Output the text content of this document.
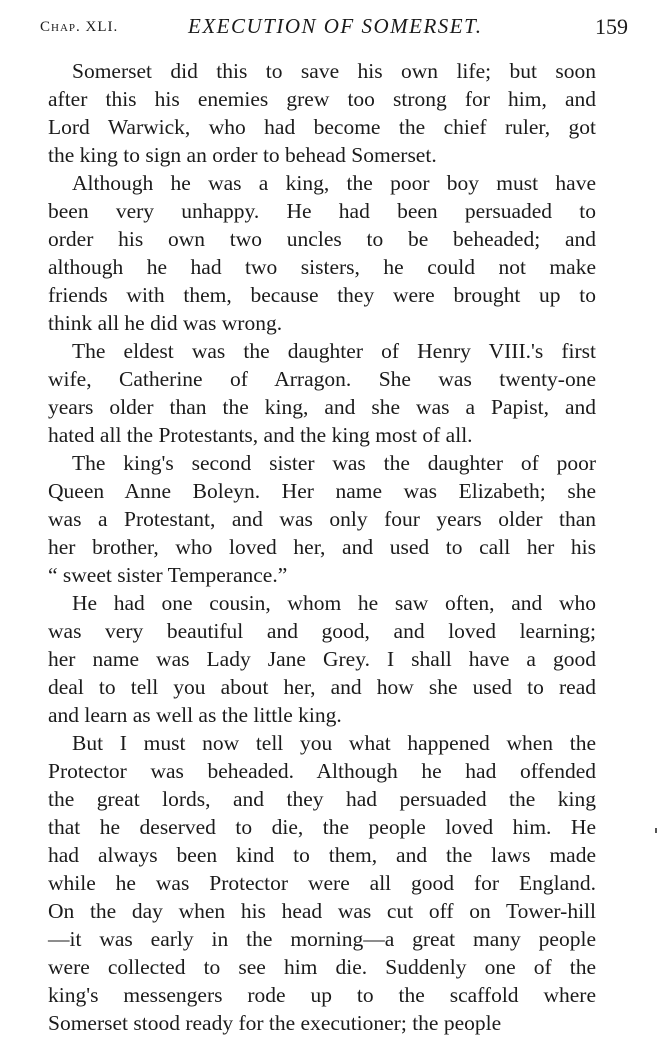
Chap. XLI.	EXECUTION OF SOMERSET.	159
Somerset did this to save his own life; but soon
after this his enemies grew too strong for him, and
Lord Warwick, who had become the chief ruler, got
the king to sign an order to behead Somerset.
Although he was a king, the poor boy must have
been very unhappy. He had been persuaded to
order his own two uncles to be beheaded; and
although he had two sisters, he could not make
friends with them, because they were brought up to
think all he did was wrong.
The eldest was the daughter of Henry VIII.'s first
wife, Catherine of Arragon. She was twenty-one
years older than the king, and she was a Papist, and
hated all the Protestants, and the king most of all.
The king's second sister was the daughter of poor
Queen Anne Boleyn. Her name was Elizabeth; she
was a Protestant, and was only four years older than
her brother, who loved her, and used to call her his
“ sweet sister Temperance.”
He had one cousin, whom he saw often, and who
was very beautiful and good, and loved learning;
her name was Lady Jane Grey. I shall have a good
deal to tell you about her, and how she used to read
and learn as well as the little king.
But I must now tell you what happened when the
Protector was beheaded. Although he had offended
the great lords, and they had persuaded the king
that he deserved to die, the people loved him. He
had always been kind to them, and the laws made
while he was Protector were all good for England.
On the day when his head was cut off on Tower-hill
—it was early in the morning—a great many people
were collected to see him die. Suddenly one of the
king's messengers rode up to the scaffold where
Somerset stood ready for the executioner; the people
